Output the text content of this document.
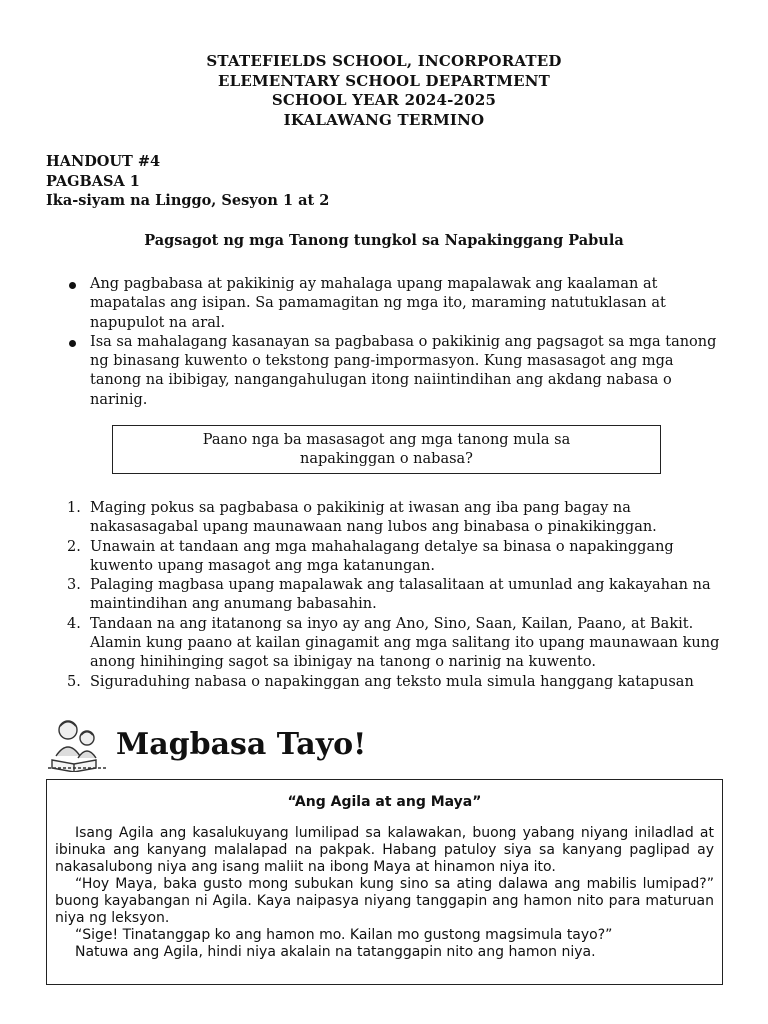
STATEFIELDS SCHOOL, INCORPORATED
ELEMENTARY SCHOOL DEPARTMENT
SCHOOL YEAR 2024-2025
IKALAWANG TERMINO
HANDOUT #4
PAGBASA 1
Ika-siyam na Linggo, Sesyon 1 at 2
Pagsagot ng mga Tanong tungkol sa Napakinggang Pabula
Ang pagbabasa at pakikinig ay mahalaga upang mapalawak ang kaalaman at mapatalas ang isipan. Sa pamamagitan ng mga ito, maraming natutuklasan at napupulot na aral.
Isa sa mahalagang kasanayan sa pagbabasa o pakikinig ang pagsagot sa mga tanong ng binasang kuwento o tekstong pang-impormasyon. Kung masasagot ang mga tanong na ibibigay, nangangahulugan itong naiintindihan ang akdang nabasa o narinig.
Paano nga ba masasagot ang mga tanong mula sa napakinggan o nabasa?
1. Maging pokus sa pagbabasa o pakikinig at iwasan ang iba pang bagay na nakasasagabal upang maunawaan nang lubos ang binabasa o pinakikinggan.
2. Unawain at tandaan ang mga mahahalagang detalye sa binasa o napakinggang kuwento upang masagot ang mga katanungan.
3. Palaging magbasa upang mapalawak ang talasalitaan at umunlad ang kakayahan na maintindihan ang anumang babasahin.
4. Tandaan na ang itatanong sa inyo ay ang Ano, Sino, Saan, Kailan, Paano, at Bakit. Alamin kung paano at kailan ginagamit ang mga salitang ito upang maunawaan kung anong hinihinging sagot sa ibinigay na tanong o narinig na kuwento.
5. Siguraduhing nabasa o napakinggan ang teksto mula simula hanggang katapusan
Magbasa Tayo!
“Ang Agila at ang Maya”

Isang Agila ang kasalukuyang lumilipad sa kalawakan, buong yabang niyang iniladlad at ibinuka ang kanyang malalapad na pakpak. Habang patuloy siya sa kanyang paglipad ay nakasalubong niya ang isang maliit na ibong Maya at hinamon niya ito.

“Hoy Maya, baka gusto mong subukan kung sino sa ating dalawa ang mabilis lumipad?” buong kayabangan ni Agila. Kaya naipasya niyang tanggapin ang hamon nito para maturuan niya ng leksyon.

“Sige! Tinatanggap ko ang hamon mo. Kailan mo gustong magsimula tayo?”

Natuwa ang Agila, hindi niya akalain na tatanggapin nito ang hamon niya.
